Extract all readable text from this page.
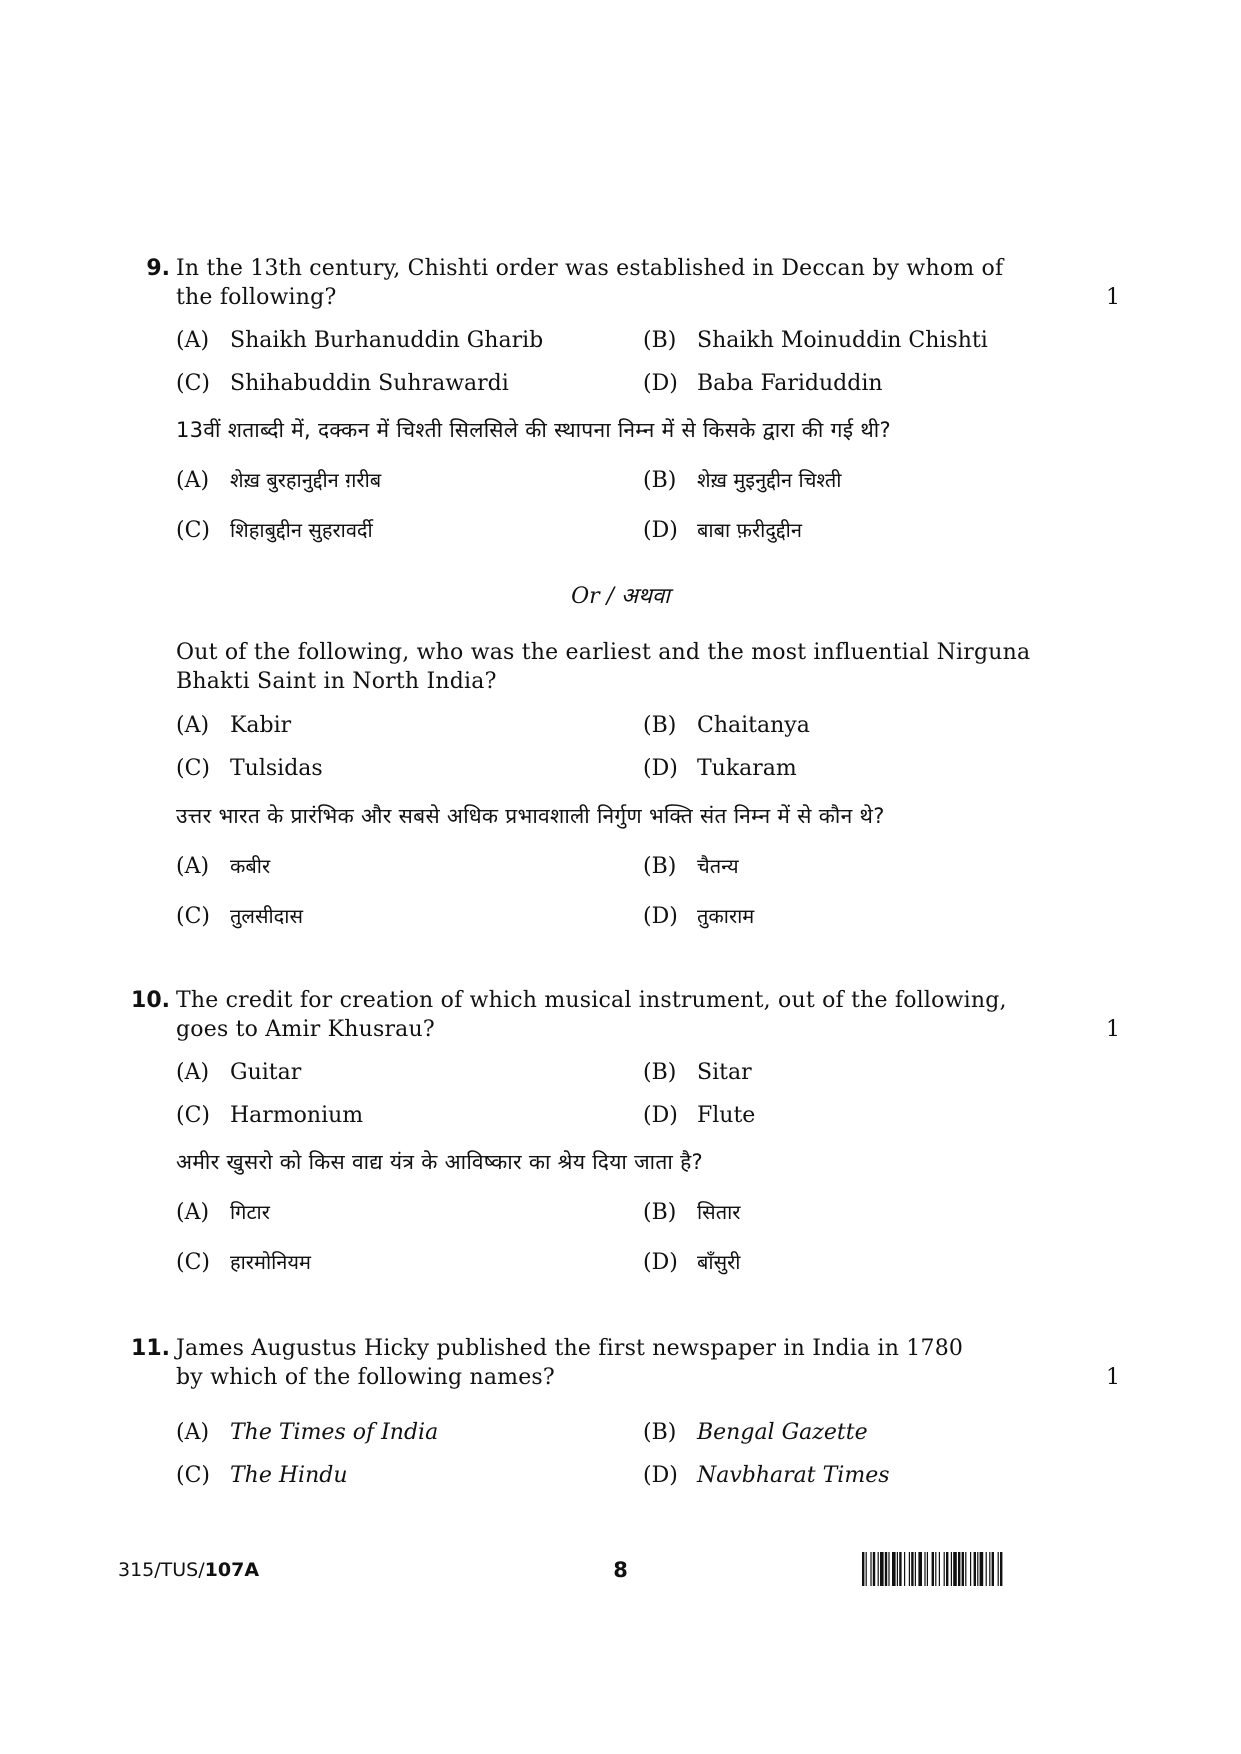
9. In the 13th century, Chishti order was established in Deccan by whom of
the following?	1
(A) Shaikh Burhanuddin Gharib	(B) Shaikh Moinuddin Chishti
(C) Shihabuddin Suhrawardi	(D) Baba Fariduddin
13वीं शताब्दी में, दक्कन में चिश्ती सिलसिले की स्थापना निम्न में से किसके द्वारा की गई थी?
(A) शेख़ बुरहानुद्दीन ग़रीब	(B) शेख़ मुइनुद्दीन चिश्ती
(C) शिहाबुद्दीन सुहरावर्दी	(D) बाबा फ़रीदुद्दीन
Or / अथवा
Out of the following, who was the earliest and the most influential Nirguna
Bhakti Saint in North India?
(A) Kabir	(B) Chaitanya
(C) Tulsidas	(D) Tukaram
उत्तर भारत के प्रारंभिक और सबसे अधिक प्रभावशाली निर्गुण भक्ति संत निम्न में से कौन थे?
(A) कबीर	(B) चैतन्य
(C) तुलसीदास	(D) तुकाराम
10. The credit for creation of which musical instrument, out of the following,
goes to Amir Khusrau?	1
(A) Guitar	(B) Sitar
(C) Harmonium	(D) Flute
अमीर खुसरो को किस वाद्य यंत्र के आविष्कार का श्रेय दिया जाता है?
(A) गिटार	(B) सितार
(C) हारमोनियम	(D) बाँसुरी
11. James Augustus Hicky published the first newspaper in India in 1780
by which of the following names?	1
(A) The Times of India	(B) Bengal Gazette
(C) The Hindu	(D) Navbharat Times
315/TUS/107A	8
